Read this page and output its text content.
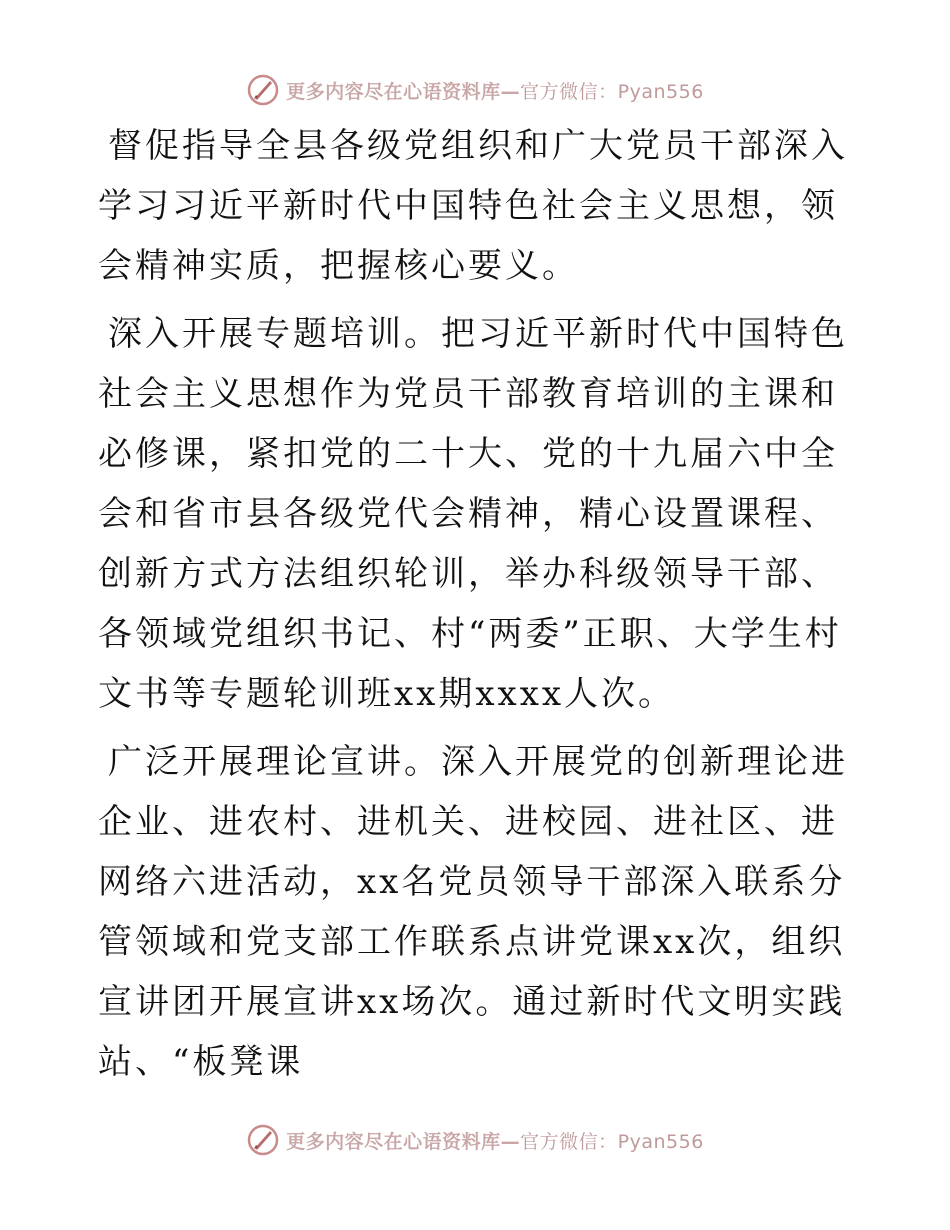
更多内容尽在心语资料库—官方微信：Pyan556

督促指导全县各级党组织和广大党员干部深入学习习近平新时代中国特色社会主义思想，领会精神实质，把握核心要义。

深入开展专题培训。把习近平新时代中国特色社会主义思想作为党员干部教育培训的主课和必修课，紧扣党的二十大、党的十九届六中全会和省市县各级党代会精神，精心设置课程、创新方式方法组织轮训，举办科级领导干部、各领域党组织书记、村“两委”正职、大学生村文书等专题轮训班xx期xxxx人次。

广泛开展理论宣讲。深入开展党的创新理论进企业、进农村、进机关、进校园、进社区、进网络六进活动，xx名党员领导干部深入联系分管领域和党支部工作联系点讲党课xx次，组织宣讲团开展宣讲xx场次。通过新时代文明实践站、“板凳课

更多内容尽在心语资料库—官方微信：Pyan556
